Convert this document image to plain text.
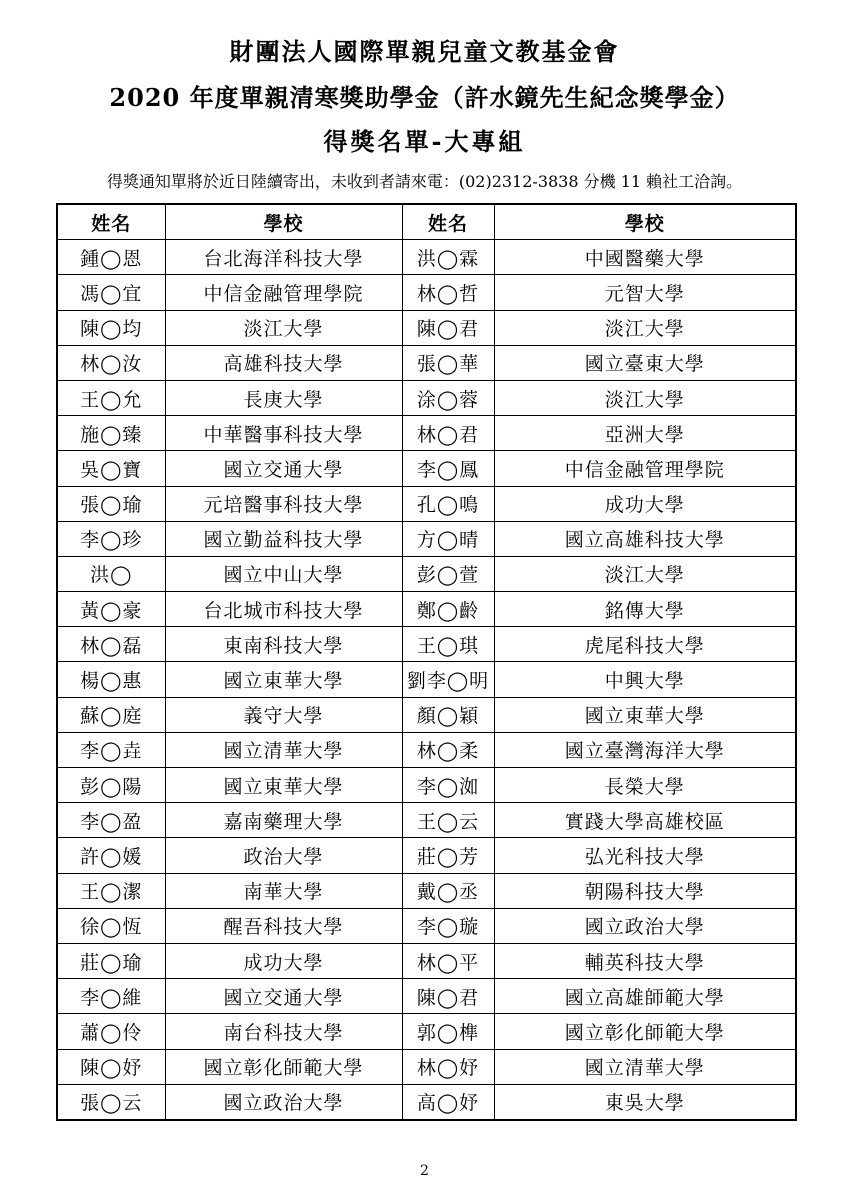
財團法人國際單親兒童文教基金會
2020 年度單親清寒獎助學金（許水鏡先生紀念獎學金）
得獎名單-大專組
得獎通知單將於近日陸續寄出，未收到者請來電：(02)2312-3838 分機 11 賴社工洽詢。
姓名	學校	姓名	學校
鍾◯恩	台北海洋科技大學	洪◯霖	中國醫藥大學
馮◯宜	中信金融管理學院	林◯哲	元智大學
陳◯均	淡江大學	陳◯君	淡江大學
林◯汝	高雄科技大學	張◯華	國立臺東大學
王◯允	長庚大學	涂◯蓉	淡江大學
施◯臻	中華醫事科技大學	林◯君	亞洲大學
吳◯寶	國立交通大學	李◯鳳	中信金融管理學院
張◯瑜	元培醫事科技大學	孔◯鳴	成功大學
李◯珍	國立勤益科技大學	方◯晴	國立高雄科技大學
洪◯	國立中山大學	彭◯萱	淡江大學
黃◯豪	台北城市科技大學	鄭◯齡	銘傳大學
林◯磊	東南科技大學	王◯琪	虎尾科技大學
楊◯惠	國立東華大學	劉李◯明	中興大學
蘇◯庭	義守大學	顏◯穎	國立東華大學
李◯垚	國立清華大學	林◯柔	國立臺灣海洋大學
彭◯陽	國立東華大學	李◯洳	長榮大學
李◯盈	嘉南藥理大學	王◯云	實踐大學高雄校區
許◯媛	政治大學	莊◯芳	弘光科技大學
王◯潔	南華大學	戴◯丞	朝陽科技大學
徐◯恆	醒吾科技大學	李◯璇	國立政治大學
莊◯瑜	成功大學	林◯平	輔英科技大學
李◯維	國立交通大學	陳◯君	國立高雄師範大學
蕭◯伶	南台科技大學	郭◯榫	國立彰化師範大學
陳◯妤	國立彰化師範大學	林◯妤	國立清華大學
張◯云	國立政治大學	高◯妤	東吳大學
2
